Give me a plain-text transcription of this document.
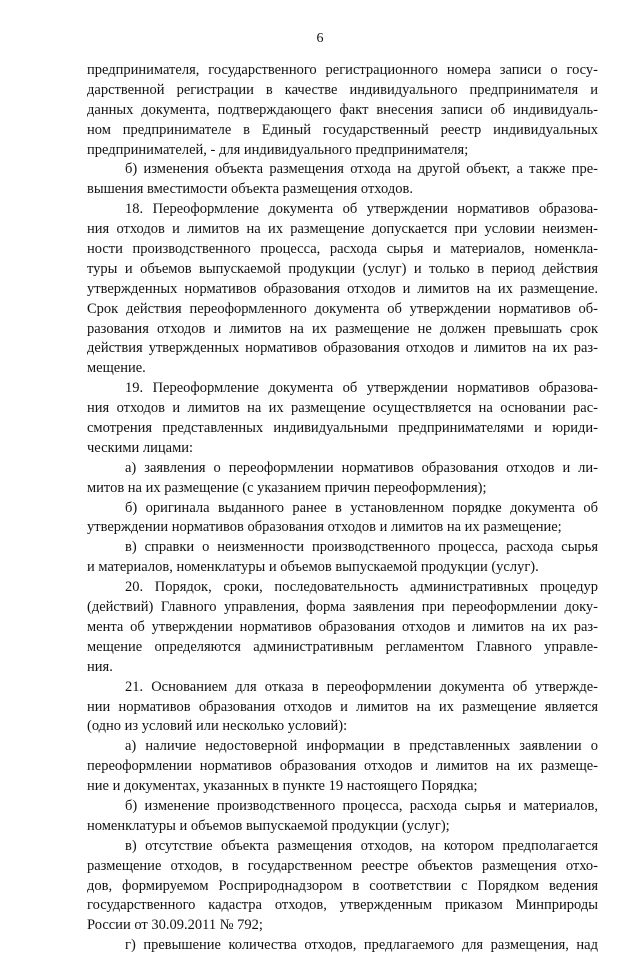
6
предпринимателя, государственного регистрационного номера записи о госу-
дарственной регистрации в качестве индивидуального предпринимателя и
данных документа, подтверждающего факт внесения записи об индивидуаль-
ном предпринимателе в Единый государственный реестр индивидуальных
предпринимателей, - для индивидуального предпринимателя;
б) изменения объекта размещения отхода на другой объект, а также пре-
вышения вместимости объекта размещения отходов.
18. Переоформление документа об утверждении нормативов образова-
ния отходов и лимитов на их размещение допускается при условии неизмен-
ности производственного процесса, расхода сырья и материалов, номенкла-
туры и объемов выпускаемой продукции (услуг) и только в период действия
утвержденных нормативов образования отходов и лимитов на их размещение.
Срок действия переоформленного документа об утверждении нормативов об-
разования отходов и лимитов на их размещение не должен превышать срок
действия утвержденных нормативов образования отходов и лимитов на их раз-
мещение.
19. Переоформление документа об утверждении нормативов образова-
ния отходов и лимитов на их размещение осуществляется на основании рас-
смотрения представленных индивидуальными предпринимателями и юриди-
ческими лицами:
а) заявления о переоформлении нормативов образования отходов и ли-
митов на их размещение (с указанием причин переоформления);
б) оригинала выданного ранее в установленном порядке документа об
утверждении нормативов образования отходов и лимитов на их размещение;
в) справки о неизменности производственного процесса, расхода сырья
и материалов, номенклатуры и объемов выпускаемой продукции (услуг).
20. Порядок, сроки, последовательность административных процедур
(действий) Главного управления, форма заявления при переоформлении доку-
мента об утверждении нормативов образования отходов и лимитов на их раз-
мещение определяются административным регламентом Главного управле-
ния.
21. Основанием для отказа в переоформлении документа об утвержде-
нии нормативов образования отходов и лимитов на их размещение является
(одно из условий или несколько условий):
а) наличие недостоверной информации в представленных заявлении о
переоформлении нормативов образования отходов и лимитов на их размеще-
ние и документах, указанных в пункте 19 настоящего Порядка;
б) изменение производственного процесса, расхода сырья и материалов,
номенклатуры и объемов выпускаемой продукции (услуг);
в) отсутствие объекта размещения отходов, на котором предполагается
размещение отходов, в государственном реестре объектов размещения отхо-
дов, формируемом Росприроднадзором в соответствии с Порядком ведения
государственного кадастра отходов, утвержденным приказом Минприроды
России от 30.09.2011 № 792;
г) превышение количества отходов, предлагаемого для размещения, над
